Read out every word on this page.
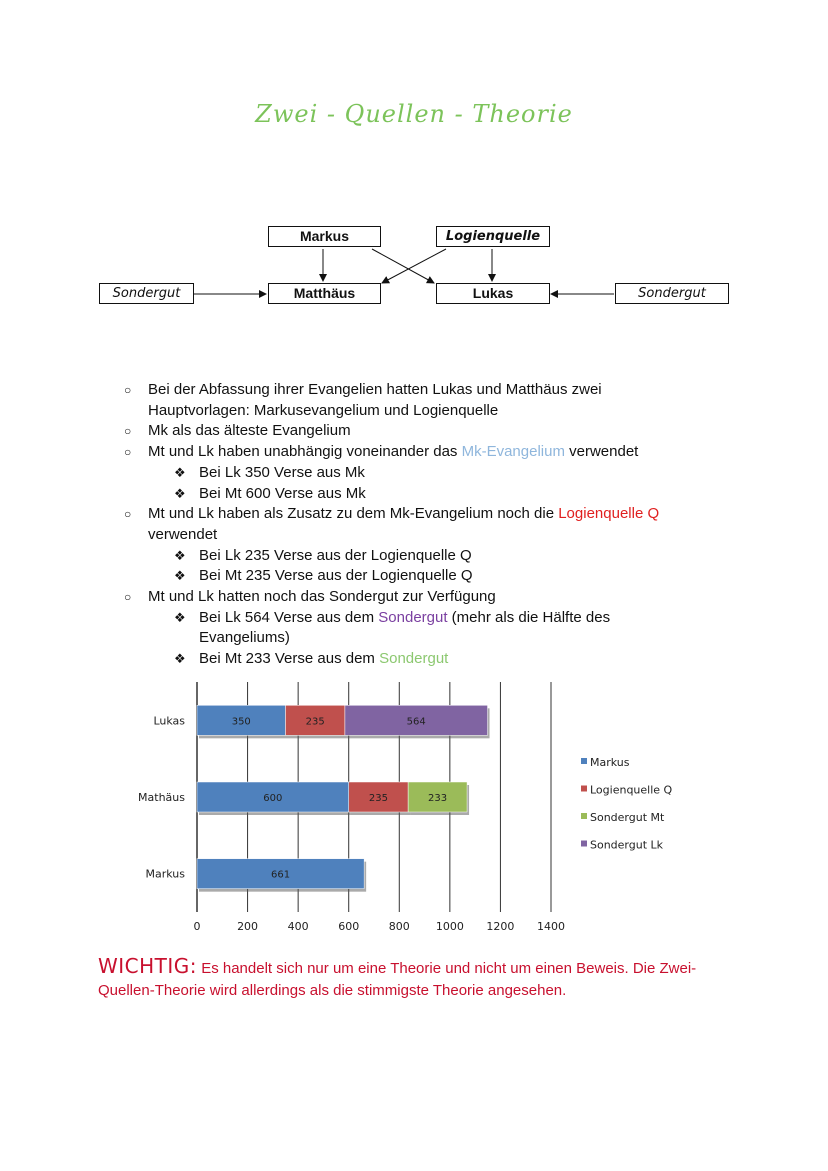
Zwei - Quellen - Theorie
Markus	Logienquelle
Matthäus	Lukas
Sondergut	Sondergut
○ Bei der Abfassung ihrer Evangelien hatten Lukas und Matthäus zwei
Hauptvorlagen: Markusevangelium und Logienquelle
○ Mk als das älteste Evangelium
○ Mt und Lk haben unabhängig voneinander das Mk-Evangelium verwendet
❖ Bei Lk 350 Verse aus Mk
❖ Bei Mt 600 Verse aus Mk
○ Mt und Lk haben als Zusatz zu dem Mk-Evangelium noch die Logienquelle Q
verwendet
❖ Bei Lk 235 Verse aus der Logienquelle Q
❖ Bei Mt 235 Verse aus der Logienquelle Q
○ Mt und Lk hatten noch das Sondergut zur Verfügung
❖ Bei Lk 564 Verse aus dem Sondergut (mehr als die Hälfte des
Evangeliums)
❖ Bei Mt 233 Verse aus dem Sondergut
0	200	400	600	800 1000 1200 1400
Lukas	350	235	564
Mathäus	600	235	233
Markus	661
Markus
Logienquelle Q
Sondergut Mt
Sondergut Lk
WICHTIG: Es handelt sich nur um eine Theorie und nicht um einen Beweis. Die Zwei-Quellen-Theorie wird allerdings als die stimmigste Theorie angesehen.
